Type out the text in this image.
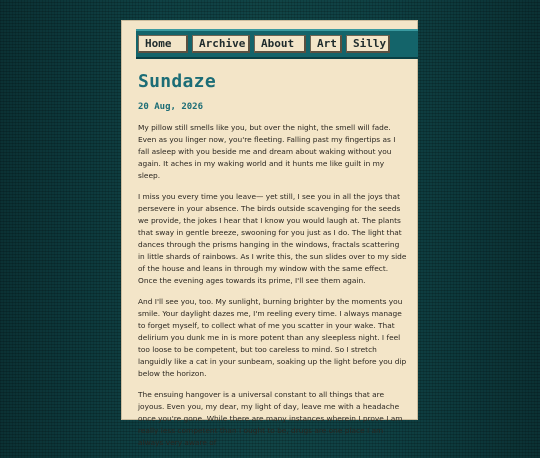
Home	Archive	About	Art	Silly
Sundaze
20 Aug, 2026

My pillow still smells like you, but over the night, the smell will fade. Even as you linger now, you're fleeting. Falling past my fingertips as I fall asleep with you beside me and dream about waking without you again. It aches in my waking world and it hunts me like guilt in my sleep.

I miss you every time you leave— yet still, I see you in all the joys that persevere in your absence. The birds outside scavenging for the seeds we provide, the jokes I hear that I know you would laugh at. The plants that sway in gentle breeze, swooning for you just as I do. The light that dances through the prisms hanging in the windows, fractals scattering in little shards of rainbows. As I write this, the sun slides over to my side of the house and leans in through my window with the same effect. Once the evening ages towards its prime, I'll see them again.

And I'll see you, too. My sunlight, burning brighter by the moments you smile. Your daylight dazes me, I'm reeling every time. I always manage to forget myself, to collect what of me you scatter in your wake. That delirium you dunk me in is more potent than any sleepless night. I feel too loose to be competent, but too careless to mind. So I stretch languidly like a cat in your sunbeam, soaking up the light before you dip below the horizon.

The ensuing hangover is a universal constant to all things that are joyous. Even you, my dear, my light of day, leave me with a headache once you're gone. While there are many instances wherein I prove I am really less competent than I ought to be, drugs are one place I am always very aware of
